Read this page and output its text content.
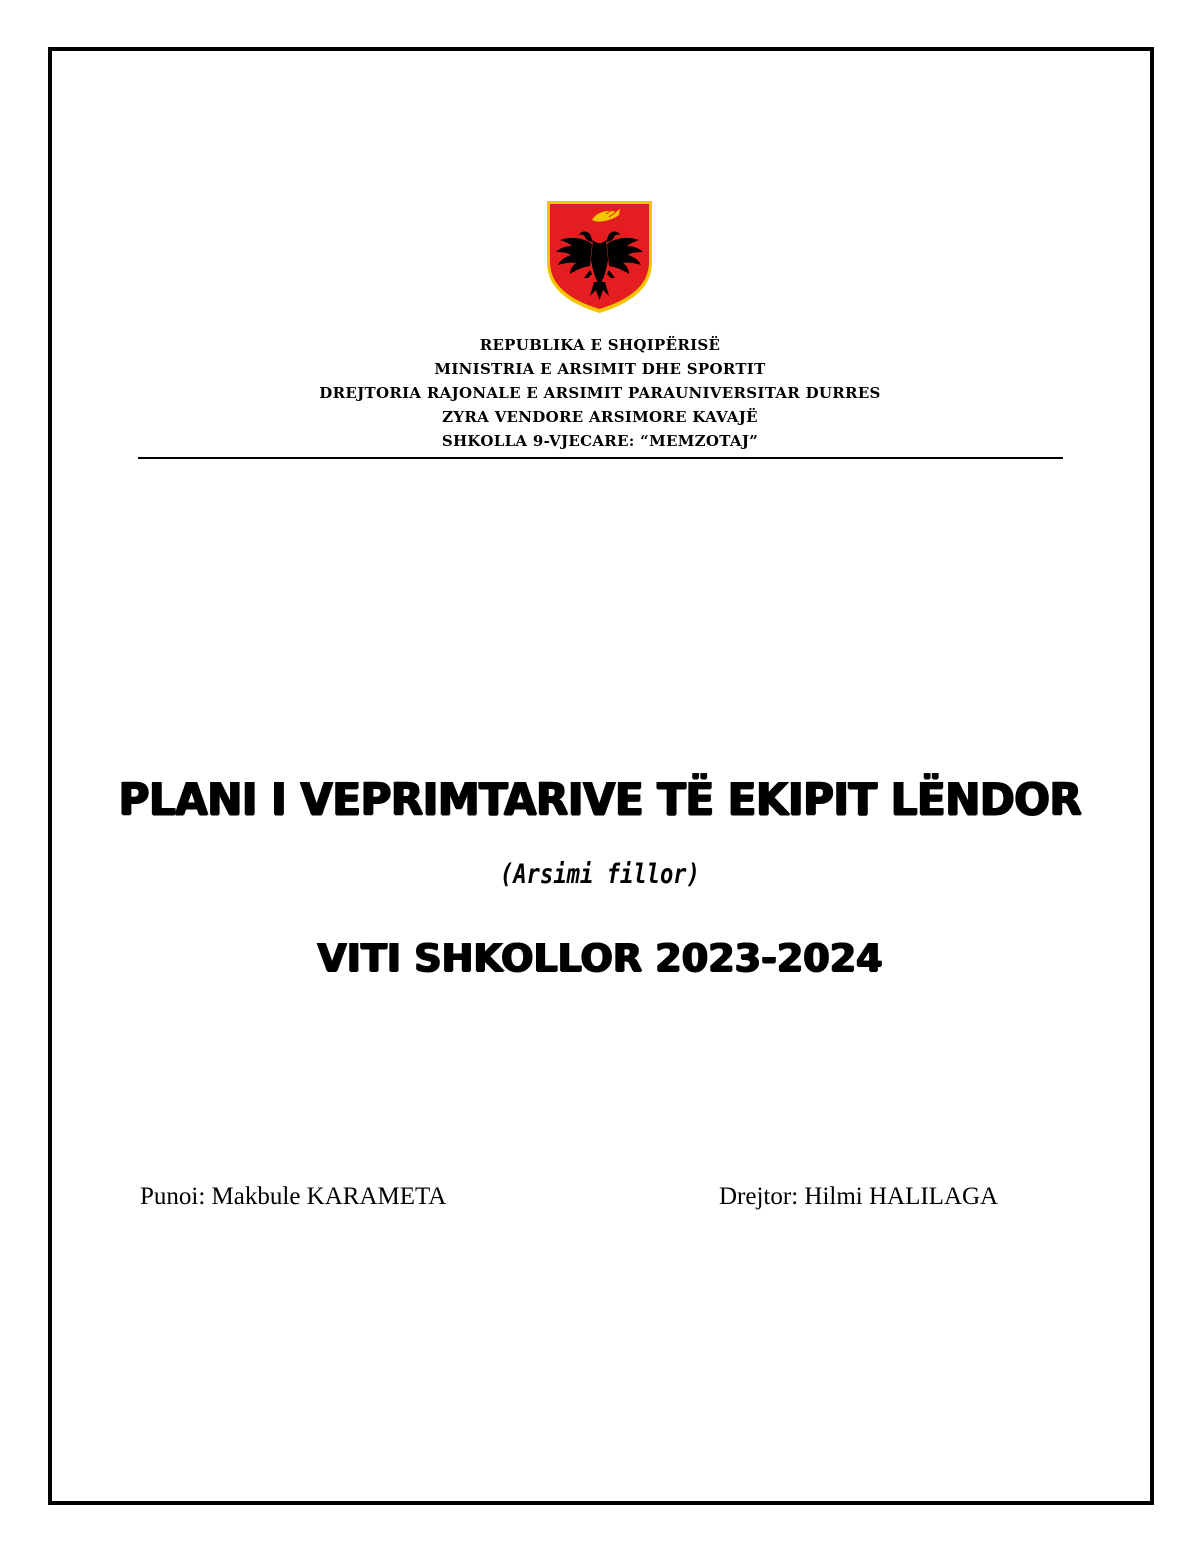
REPUBLIKA E SHQIPËRISË
MINISTRIA E ARSIMIT DHE SPORTIT
DREJTORIA RAJONALE E ARSIMIT PARAUNIVERSITAR DURRES
ZYRA VENDORE ARSIMORE KAVAJË
SHKOLLA 9-VJECARE: “MEMZOTAJ”
PLANI I VEPRIMTARIVE TË EKIPIT LËNDOR
(Arsimi fillor)
VITI SHKOLLOR 2023-2024
Punoi: Makbule KARAMETA	Drejtor: Hilmi HALILAGA
